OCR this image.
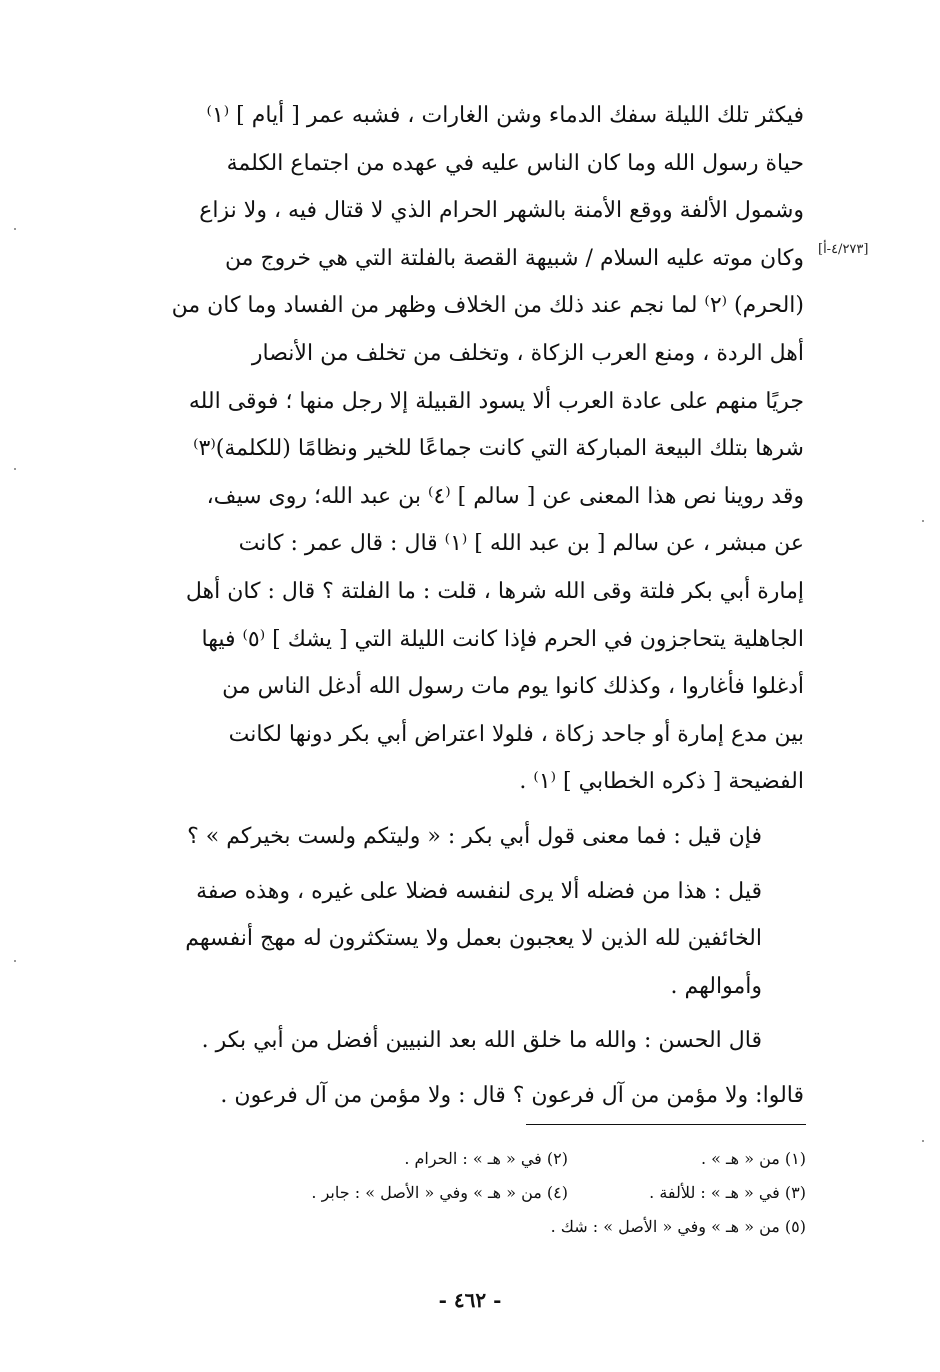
[٤/٢٧٣-أ]
فيكثر تلك الليلة سفك الدماء وشن الغارات ، فشبه عمر [ أيام ] ⁽١⁾
حياة رسول الله وما كان الناس عليه في عهده من اجتماع الكلمة
وشمول الألفة ووقع الأمنة بالشهر الحرام الذي لا قتال فيه ، ولا نزاع
وكان موته عليه السلام / شبيهة القصة بالفلتة التي هي خروج من
(الحرم) ⁽٢⁾ لما نجم عند ذلك من الخلاف وظهر من الفساد وما كان من
أهل الردة ، ومنع العرب الزكاة ، وتخلف من تخلف من الأنصار
جريًا منهم على عادة العرب ألا يسود القبيلة إلا رجل منها ؛ فوقى الله
شرها بتلك البيعة المباركة التي كانت جماعًا للخير ونظامًا (للكلمة)⁽٣⁾
وقد روينا نص هذا المعنى عن [ سالم ] ⁽٤⁾ بن عبد الله؛ روى سيف،
عن مبشر ، عن سالم [ بن عبد الله ] ⁽١⁾ قال : قال عمر : كانت
إمارة أبي بكر فلتة وقى الله شرها ، قلت : ما الفلتة ؟ قال : كان أهل
الجاهلية يتحاجزون في الحرم فإذا كانت الليلة التي [ يشك ] ⁽٥⁾ فيها
أدغلوا فأغاروا ، وكذلك كانوا يوم مات رسول الله أدغل الناس من
بين مدع إمارة أو جاحد زكاة ، فلولا اعتراض أبي بكر دونها لكانت
الفضيحة [ ذكره الخطابي ] ⁽١⁾ .
فإن قيل : فما معنى قول أبي بكر : « وليتكم ولست بخيركم » ؟
قيل : هذا من فضله ألا يرى لنفسه فضلا على غيره ، وهذه صفة
الخائفين لله الذين لا يعجبون بعمل ولا يستكثرون له مهج أنفسهم
وأموالهم .
قال الحسن : والله ما خلق الله بعد النبيين أفضل من أبي بكر .
قالوا: ولا مؤمن من آل فرعون ؟ قال : ولا مؤمن من آل فرعون .
(١) من « هـ » .
(٢) في « هـ » : الحرام .
(٣) في « هـ » : للألفة .
(٤) من « هـ » وفي « الأصل » : جابر .
(٥) من « هـ » وفي « الأصل » : شك .
- ٤٦٢ -
